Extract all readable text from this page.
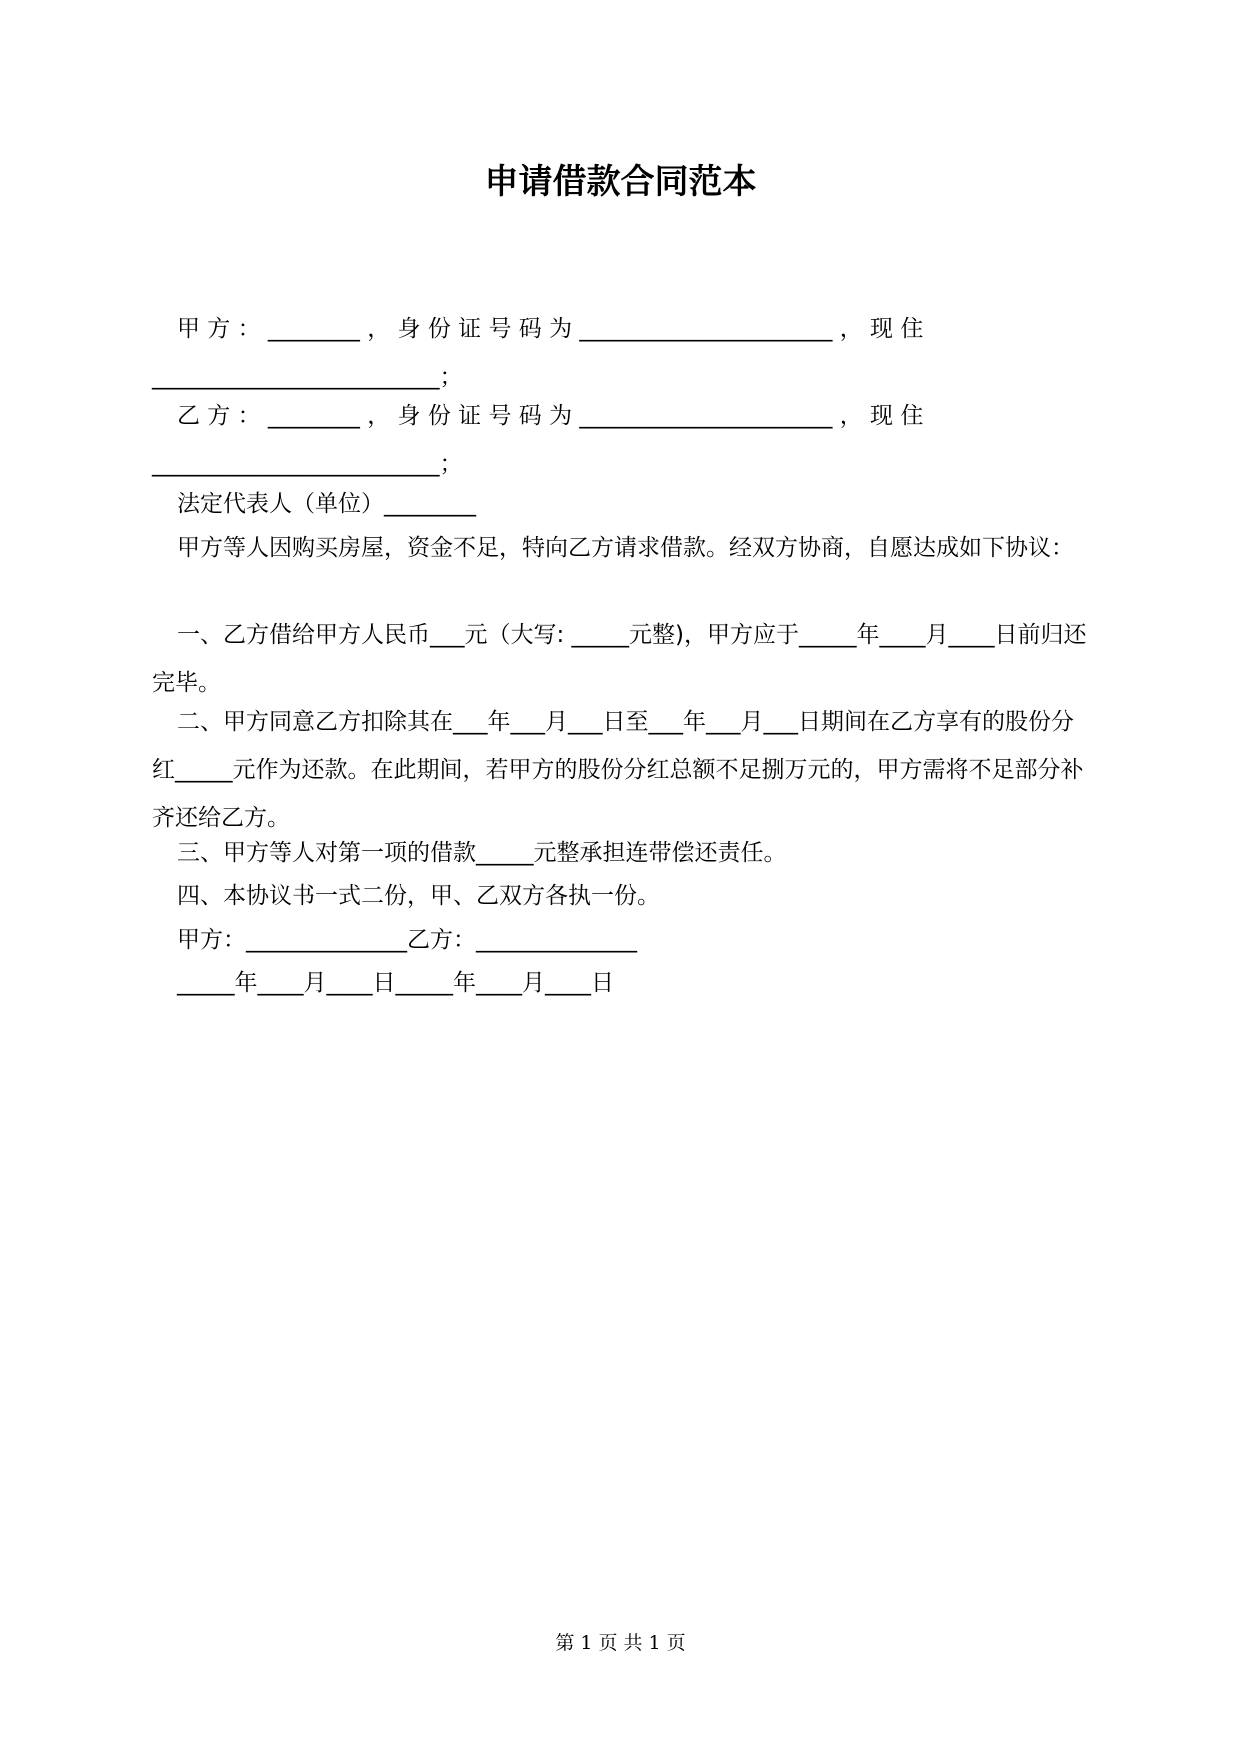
申请借款合同范本

甲 方 ： ________ ， 身 份 证 号 码 为 ______________________ ， 现 住

_________________________；

乙 方 ： ________ ， 身 份 证 号 码 为 ______________________ ， 现 住

_________________________；

法定代表人（单位）________

甲方等人因购买房屋，资金不足，特向乙方请求借款。经双方协商，自愿达成如下协议：

一、乙方借给甲方人民币___元（大写: _____元整)，甲方应于_____年____月____日前归还完毕。

二、甲方同意乙方扣除其在___年___月___日至___年___月___日期间在乙方享有的股份分红_____元作为还款。在此期间，若甲方的股份分红总额不足捌万元的，甲方需将不足部分补齐还给乙方。

三、甲方等人对第一项的借款_____元整承担连带偿还责任。

四、本协议书一式二份，甲、乙双方各执一份。

甲方：______________乙方：______________

_____年____月____日_____年____月____日

第 1 页 共 1 页
